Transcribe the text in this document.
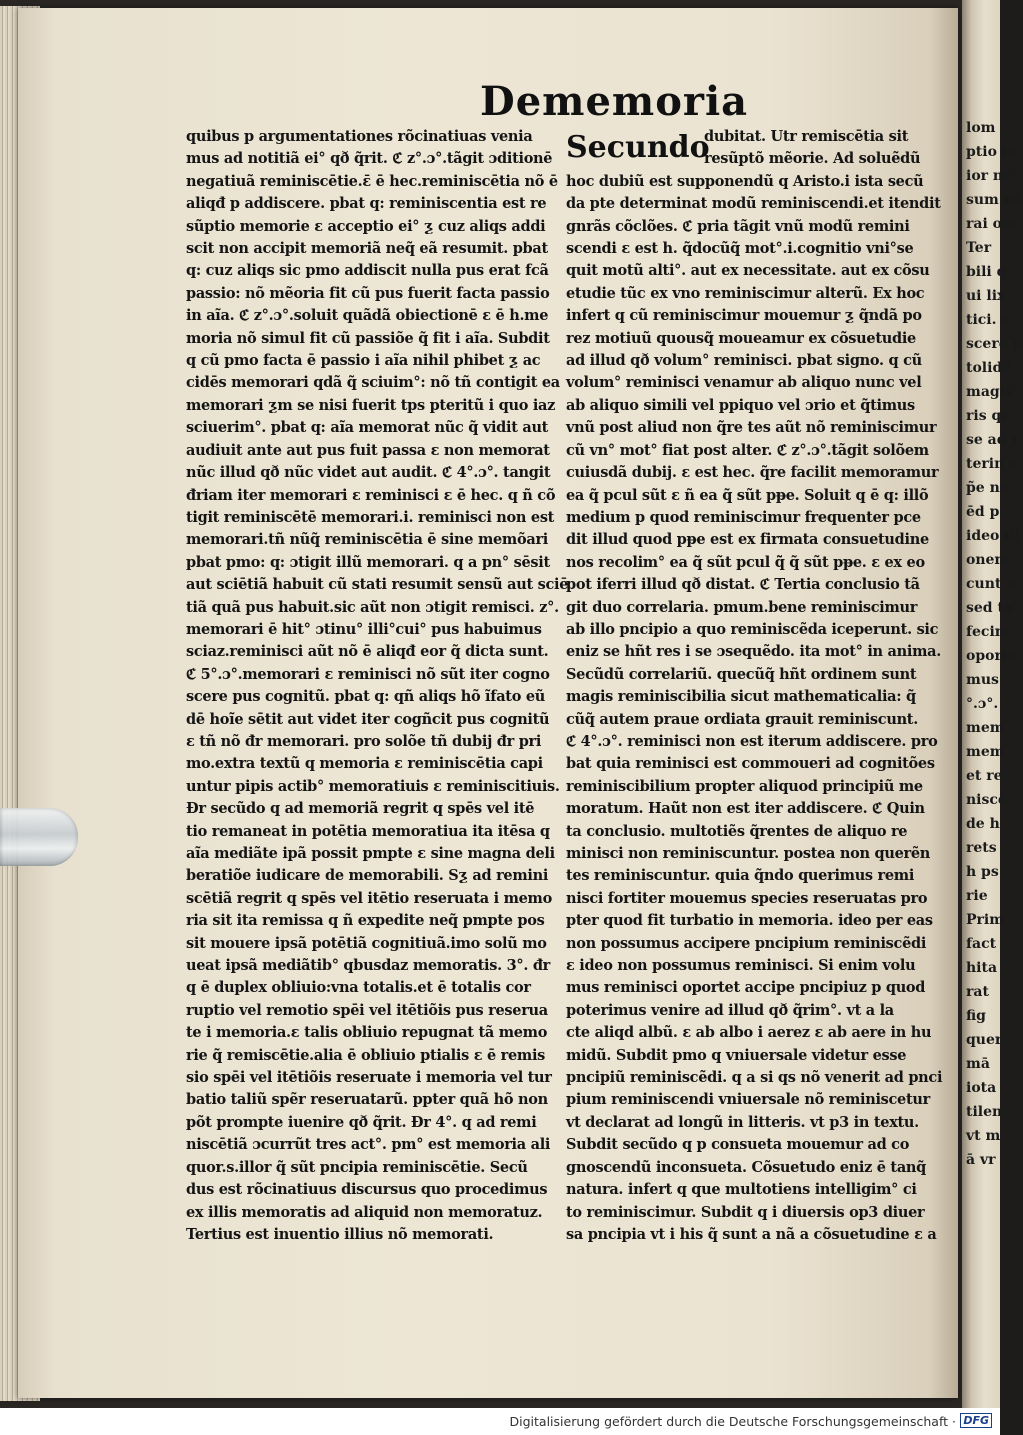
Dememoria
quibus p argumentationes rõcinatiuas venia
mus ad notitiã ei° qð q̃rit. ℭ z°.ɔ°.tãgit ɔditionē
negatiuã reminiscētie.ɛ̄ ē hec.reminiscētia nõ ē
aliqđ p addiscere. pbat q: reminiscentia est re
sũptio memorie ɛ acceptio ei° ƺ cuz aliqs addi
scit non accipit memoriã neq̃ eã resumit. pbat
q: cuz aliqs sic pmo addiscit nulla pus erat fcã
passio: nõ mẽoria fit cũ pus fuerit facta passio
in aĩa. ℭ z°.ɔ°.soluit quãdã obiectionē ɛ ē h.me
moria nõ simul fit cũ passiõe q̃ fit i aĩa. Subdit
q cũ pmo facta ē passio i aĩa nihil phibet ƺ ac
cidēs memorari qdã q̃ sciuim°: nõ tñ contigit ea
memorari ƺm se nisi fuerit tps pteritũ i quo iaz
sciuerim°. pbat q: aĩa memorat nũc q̃ vidit aut
audiuit ante aut pus fuit passa ɛ non memorat
nũc illud qð nũc videt aut audit. ℭ 4°.ɔ°. tangit
đriam iter memorari ɛ reminisci ɛ ē hec. q ñ cõ
tigit reminiscētē memorari.i. reminisci non est
memorari.tñ nũq̃ reminiscētia ē sine memõari
pbat pmo: q: ɔtigit illũ memorari. q a pn° sēsit
aut sciētiã habuit cũ stati resumit sensũ aut sciē
tiã quã pus habuit.sic aũt non ɔtigit remisci. z°.
memorari ē hit° ɔtinu° illi°cui° pus habuimus
sciaz.reminisci aũt nõ ē aliqđ eor q̃ dicta sunt.
ℭ 5°.ɔ°.memorari ɛ reminisci nõ sũt iter cogno
scere pus cognitũ. pbat q: qñ aliqs hõ ĩfato eũ
dē hoĩe sētit aut videt iter cogñcit pus cognitũ
ɛ tñ nõ đr memorari. pro solõe tñ dubij đr pri
mo.extra textũ q memoria ɛ reminiscētia capi
untur pipis actib° memoratiuis ɛ reminiscitiuis.
Đr secũdo q ad memoriã regrit q spēs vel itē
tio remaneat in potētia memoratiua ita itēsa q
aĩa mediãte ipã possit pmpte ɛ sine magna deli
beratiõe iudicare de memorabili. Sƺ ad remini
scētiã regrit q spēs vel itētio reseruata i memo
ria sit ita remissa q ñ expedite neq̃ pmpte pos
sit mouere ipsã potētiã cognitiuã.imo solũ mo
ueat ipsã mediãtib° qbusdaz memoratis. 3°. đr
q ē duplex obliuio:vna totalis.et ē totalis cor
ruptio vel remotio spēi vel itētiõis pus reserua
te i memoria.ɛ talis obliuio repugnat tã memo
rie q̃ remiscētie.alia ē obliuio ptialis ɛ ē remis
sio spēi vel itētiõis reseruate i memoria vel tur
batio taliũ spẽr reseruatarũ. ppter quã hõ non
põt prompte iuenire qð q̃rit. Đr 4°. q ad remi
niscētiã ɔcurrũt tres act°. pm° est memoria ali
quor.s.illor q̃ sũt pncipia reminiscētie. Secũ
dus est rõcinatiuus discursus quo procedimus
ex illis memoratis ad aliquid non memoratuz.
Tertius est inuentio illius nõ memorati.
Secundo
dubitat. Utr remiscētia sit
resũptõ mẽorie. Ad soluẽdũ
hoc dubiũ est supponendũ q Aristo.i ista secũ
da pte determinat modũ reminiscendi.et itendit
gnrãs cõclões. ℭ pria tãgit vnũ modũ remini
scendi ɛ est h. q̃docũq̃ mot°.i.cognitio vni°se
quit motũ alti°. aut ex necessitate. aut ex cõsu
etudie tũc ex vno reminiscimur alterũ. Ex hoc
infert q cũ reminiscimur mouemur ƺ q̃ndã po
rez motiuũ quousq̃ moueamur ex cõsuetudie
ad illud qð volum° reminisci. pbat signo. q cũ
volum° reminisci venamur ab aliquo nunc vel
ab aliquo simili vel ppiquo vel ɔrio et q̃timus
vnũ post aliud non q̃re tes aũt nõ reminiscimur
cũ vn° mot° fiat post alter. ℭ z°.ɔ°.tãgit solõem
cuiusdã dubij. ɛ est hec. q̃re facilit memoramur
ea q̃ pcul sũt ɛ ñ ea q̃ sũt pᵽe. Soluit q ē q: illõ
medium p quod reminiscimur frequenter pce
dit illud quod pᵽe est ex firmata consuetudine
nos recolim° ea q̃ sũt pcul q̃̃ q̃ sũt pᵽe. ɛ ex eo
pot iferri illud qð distat. ℭ Tertia conclusio tã
git duo correlaria. pmum.bene reminiscimur
ab illo pncipio a quo reminiscẽda iceperunt. sic
eniz se hñt res i se ɔsequẽdo. ita mot° in anima.
Secũdũ correlariũ. quecũq̃ hñt ordinem sunt
magis reminiscibilia sicut mathematicalia: q̃
cũq̃ autem praue ordiata grauit reminiscunt.
ℭ 4°.ɔ°. reminisci non est iterum addiscere. pro
bat quia reminisci est commoueri ad cognitões
reminiscibilium propter aliquod principiũ me
moratum. Haũt non est iter addiscere. ℭ Quin
ta conclusio. multotiẽs q̃rentes de aliquo re
minisci non reminiscuntur. postea non querẽn
tes reminiscuntur. quia q̃ndo querimus remi
nisci fortiter mouemus species reseruatas pro
pter quod fit turbatio in memoria. ideo per eas
non possumus accipere pncipium reminiscẽdi
ɛ ideo non possumus reminisci. Si enim volu
mus reminisci oportet accipe pncipiuz p quod
poterimus venire ad illud qð q̃rim°. vt a la
cte aliqd albũ. ɛ ab albo i aerez ɛ ab aere in hu
midũ. Subdit pmo q vniuersale videtur esse
pncipiũ reminiscẽdi. q a si qs nõ venerit ad pnci
pium reminiscendi vniuersale nõ reminiscetur
vt declarat ad longũ in litteris. vt p3 in textu.
Subdit secũdo q p consueta mouemur ad co
gnoscendũ inconsueta. Cõsuetudo eniz ē tanq̃
natura. infert q que multotiens intelligim° ci
to reminiscimur. Subdit q i diuersis op3 diuer
sa pncipia vt i his q̃ sunt a nã a cõsuetudine ɛ a
lom
ptio m
ior ne
sum nã
rai om
Ter
bili q
ui lix
tici. o
scere p
tolidẽ
magis
ris qz
se ad r
terin a
p̃e ne
ēd p
ideo di
onem
cunt o
sed ta
fecim
oportu
mus
°.ɔ°.
mem
mem
et re
niscẽ
de h
rets
h ps
rie
Prim
fact
hita
rat
fig
quer
mā
iota
tilen
vt m
ā vr
Digitalisierung gefördert durch die Deutsche Forschungsgemeinschaft · DFG
